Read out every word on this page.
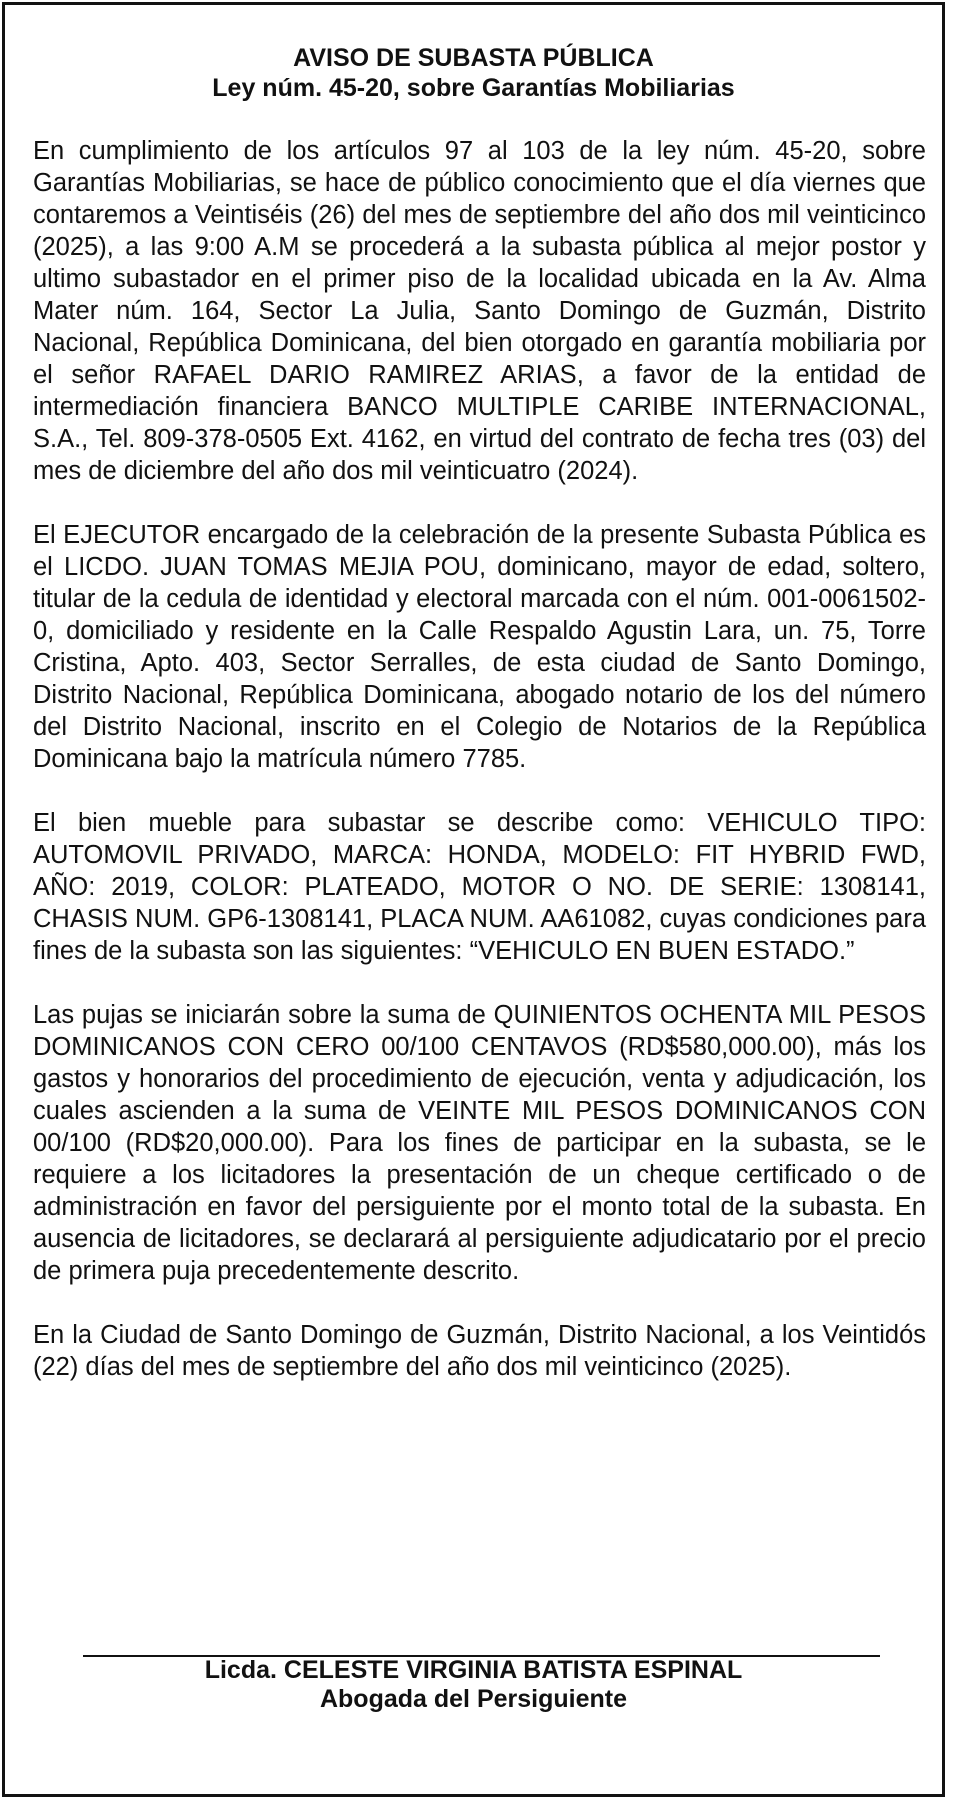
AVISO DE SUBASTA PÚBLICA
Ley núm. 45-20, sobre Garantías Mobiliarias

En cumplimiento de los artículos 97 al 103 de la ley núm. 45-20, sobre Garantías Mobiliarias, se hace de público conocimiento que el día viernes que contaremos a Veintiséis (26) del mes de septiembre del año dos mil veinticinco (2025), a las 9:00 A.M se procederá a la subasta pública al mejor postor y ultimo subastador en el primer piso de la localidad ubicada en la Av. Alma Mater núm. 164, Sector La Julia, Santo Domingo de Guzmán, Distrito Nacional, República Dominicana, del bien otorgado en garantía mobiliaria por el señor RAFAEL DARIO RAMIREZ ARIAS, a favor de la entidad de intermediación financiera BANCO MULTIPLE CARIBE INTERNACIONAL, S.A., Tel. 809-378-0505 Ext. 4162, en virtud del contrato de fecha tres (03) del mes de diciembre del año dos mil veinticuatro (2024).

El EJECUTOR encargado de la celebración de la presente Subasta Pública es el LICDO. JUAN TOMAS MEJIA POU, dominicano, mayor de edad, soltero, titular de la cedula de identidad y electoral marcada con el núm. 001-0061502-0, domiciliado y residente en la Calle Respaldo Agustin Lara, un. 75, Torre Cristina, Apto. 403, Sector Serralles, de esta ciudad de Santo Domingo, Distrito Nacional, República Dominicana, abogado notario de los del número del Distrito Nacional, inscrito en el Colegio de Notarios de la República Dominicana bajo la matrícula número 7785.

El bien mueble para subastar se describe como: VEHICULO TIPO: AUTOMOVIL PRIVADO, MARCA: HONDA, MODELO: FIT HYBRID FWD, AÑO: 2019, COLOR: PLATEADO, MOTOR O NO. DE SERIE: 1308141, CHASIS NUM. GP6-1308141, PLACA NUM. AA61082, cuyas condiciones para fines de la subasta son las siguientes: “VEHICULO EN BUEN ESTADO.”

Las pujas se iniciarán sobre la suma de QUINIENTOS OCHENTA MIL PESOS DOMINICANOS CON CERO 00/100 CENTAVOS (RD$580,000.00), más los gastos y honorarios del procedimiento de ejecución, venta y adjudicación, los cuales ascienden a la suma de VEINTE MIL PESOS DOMINICANOS CON 00/100 (RD$20,000.00). Para los fines de participar en la subasta, se le requiere a los licitadores la presentación de un cheque certificado o de administración en favor del persiguiente por el monto total de la subasta. En ausencia de licitadores, se declarará al persiguiente adjudicatario por el precio de primera puja precedentemente descrito.

En la Ciudad de Santo Domingo de Guzmán, Distrito Nacional, a los Veintidós (22) días del mes de septiembre del año dos mil veinticinco (2025).

Licda. CELESTE VIRGINIA BATISTA ESPINAL
Abogada del Persiguiente
